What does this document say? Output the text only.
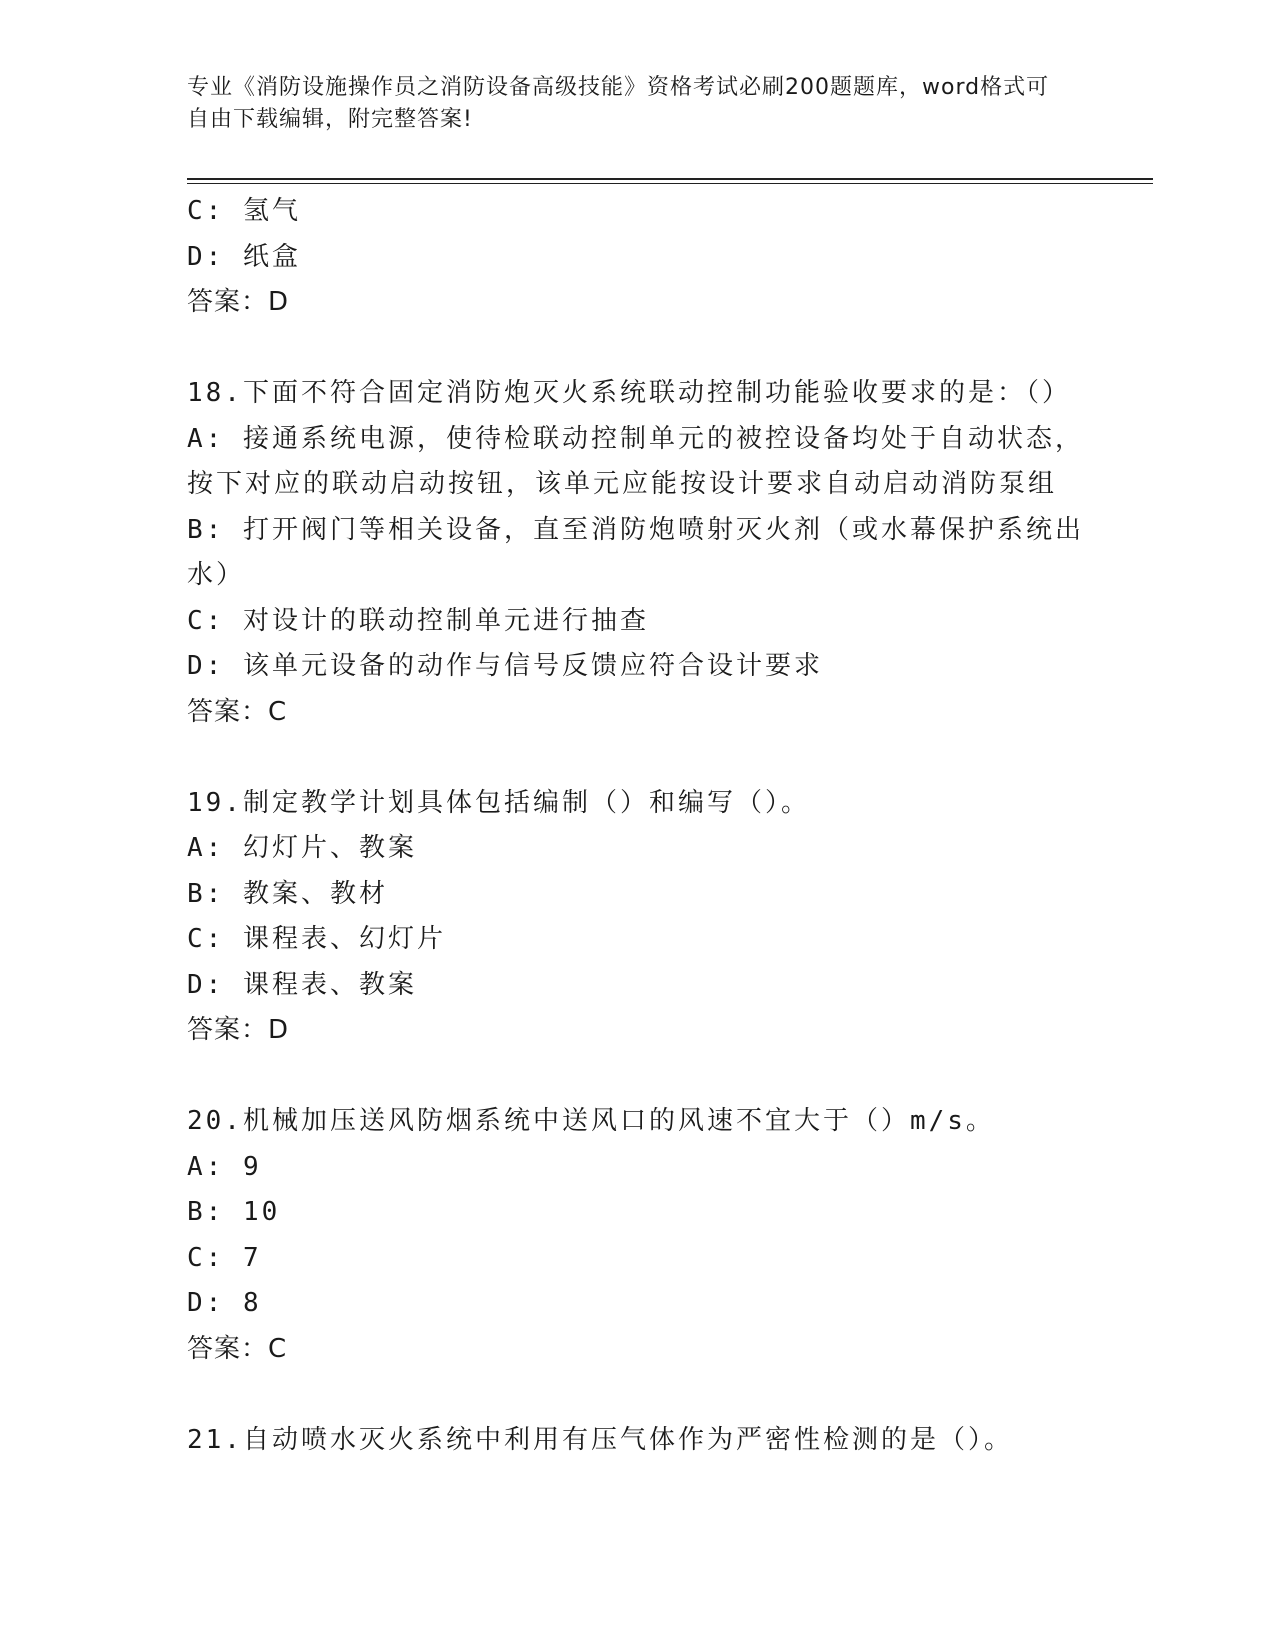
专业《消防设施操作员之消防设备高级技能》资格考试必刷200题题库，word格式可自由下载编辑，附完整答案!
C: 氢气
D: 纸盒
答案：D
18.下面不符合固定消防炮灭火系统联动控制功能验收要求的是：（）
A: 接通系统电源，使待检联动控制单元的被控设备均处于自动状态，按下对应的联动启动按钮，该单元应能按设计要求自动启动消防泵组
B: 打开阀门等相关设备，直至消防炮喷射灭火剂（或水幕保护系统出水）
C: 对设计的联动控制单元进行抽查
D: 该单元设备的动作与信号反馈应符合设计要求
答案：C
19.制定教学计划具体包括编制（）和编写（）。
A: 幻灯片、教案
B: 教案、教材
C: 课程表、幻灯片
D: 课程表、教案
答案：D
20.机械加压送风防烟系统中送风口的风速不宜大于（）m/s。
A: 9
B: 10
C: 7
D: 8
答案：C
21.自动喷水灭火系统中利用有压气体作为严密性检测的是（）。
